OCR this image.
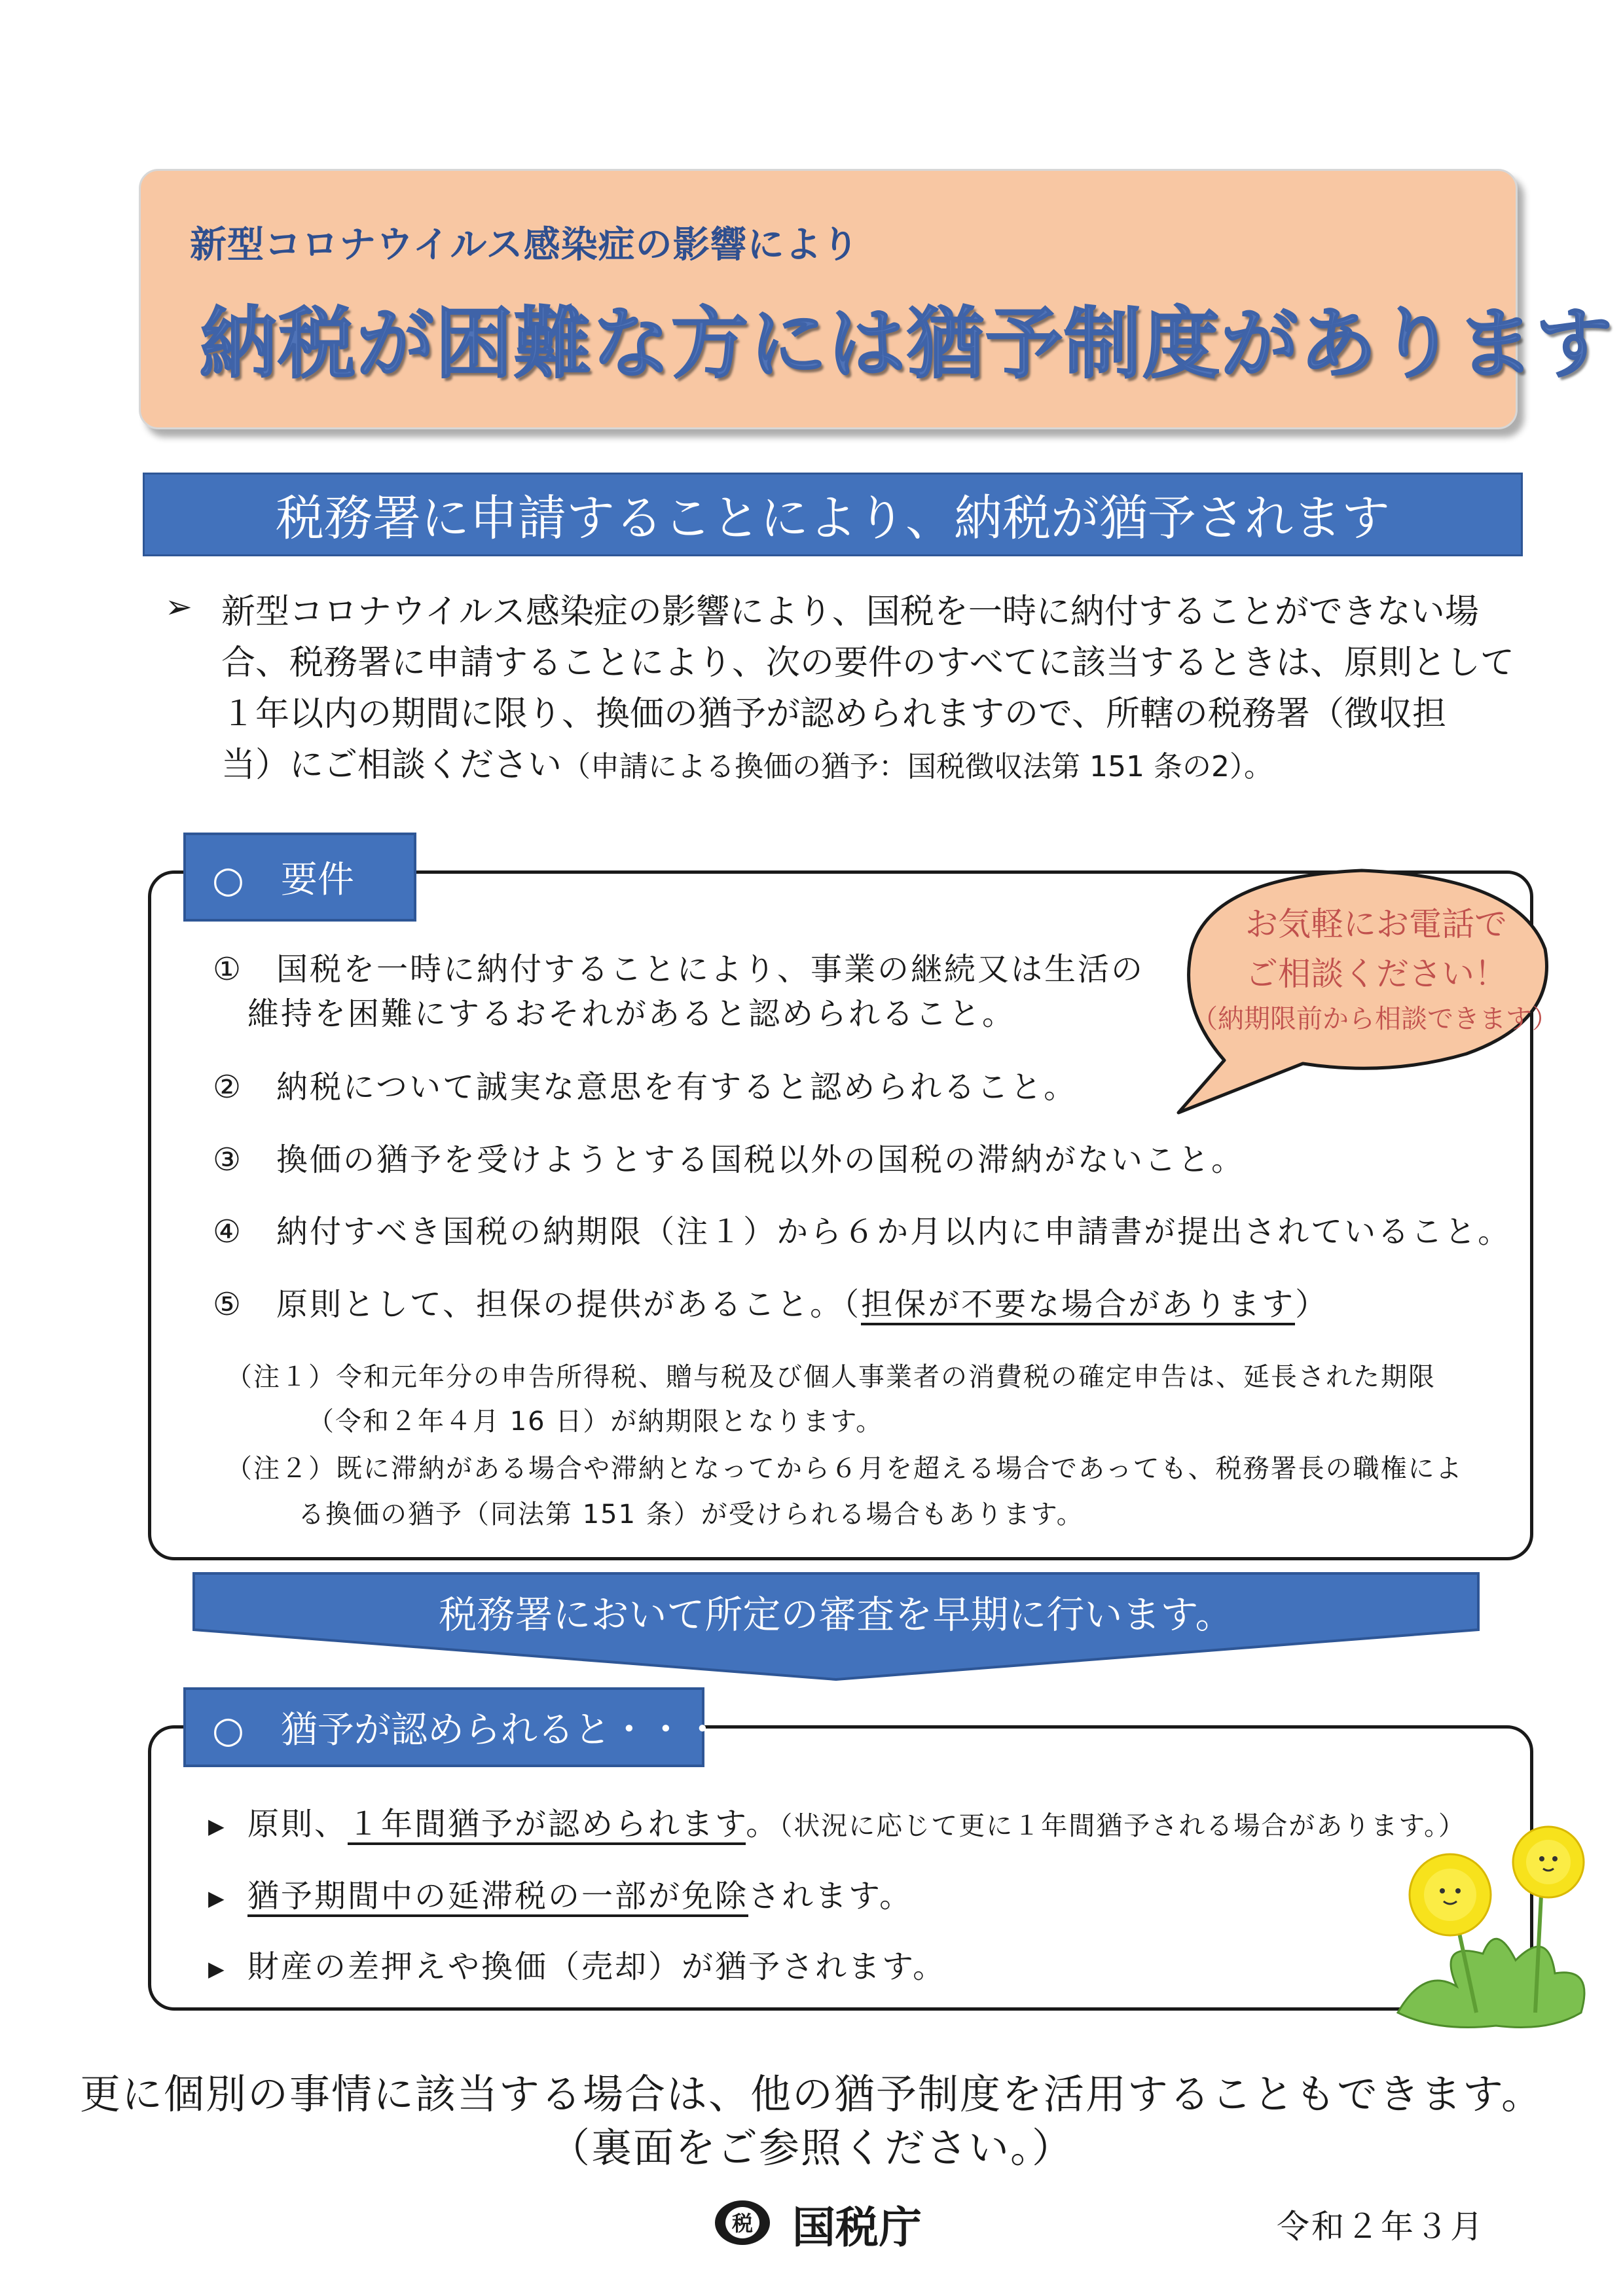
新型コロナウイルス感染症の影響により
納税が困難な方には猶予制度があります
税務署に申請することにより、納税が猶予されます
➢ 新型コロナウイルス感染症の影響により、国税を一時に納付することができない場
合、税務署に申請することにより、次の要件のすべてに該当するときは、原則として
１年以内の期間に限り、換価の猶予が認められますので、所轄の税務署（徴収担
当）にご相談ください（申請による換価の猶予：国税徴収法第 151 条の2）。
○　要件
①　国税を一時に納付することにより、事業の継続又は生活の
維持を困難にするおそれがあると認められること。
②　納税について誠実な意思を有すると認められること。
③　換価の猶予を受けようとする国税以外の国税の滞納がないこと。
④　納付すべき国税の納期限（注１）から６か月以内に申請書が提出されていること。
⑤　原則として、担保の提供があること。（担保が不要な場合があります）
（注１）令和元年分の申告所得税、贈与税及び個人事業者の消費税の確定申告は、延長された期限
（令和２年４月 16 日）が納期限となります。
（注２）既に滞納がある場合や滞納となってから６月を超える場合であっても、税務署長の職権によ
る換価の猶予（同法第 151 条）が受けられる場合もあります。
お気軽にお電話で
ご相談ください！
（納期限前から相談できます）
税務署において所定の審査を早期に行います。
○　猶予が認められると・・・
▶ 原則、１年間猶予が認められます。（状況に応じて更に１年間猶予される場合があります。）
▶ 猶予期間中の延滞税の一部が免除されます。
▶ 財産の差押えや換価（売却）が猶予されます。
更に個別の事情に該当する場合は、他の猶予制度を活用することもできます。
（裏面をご参照ください。）
税 国税庁	令和２年３月
